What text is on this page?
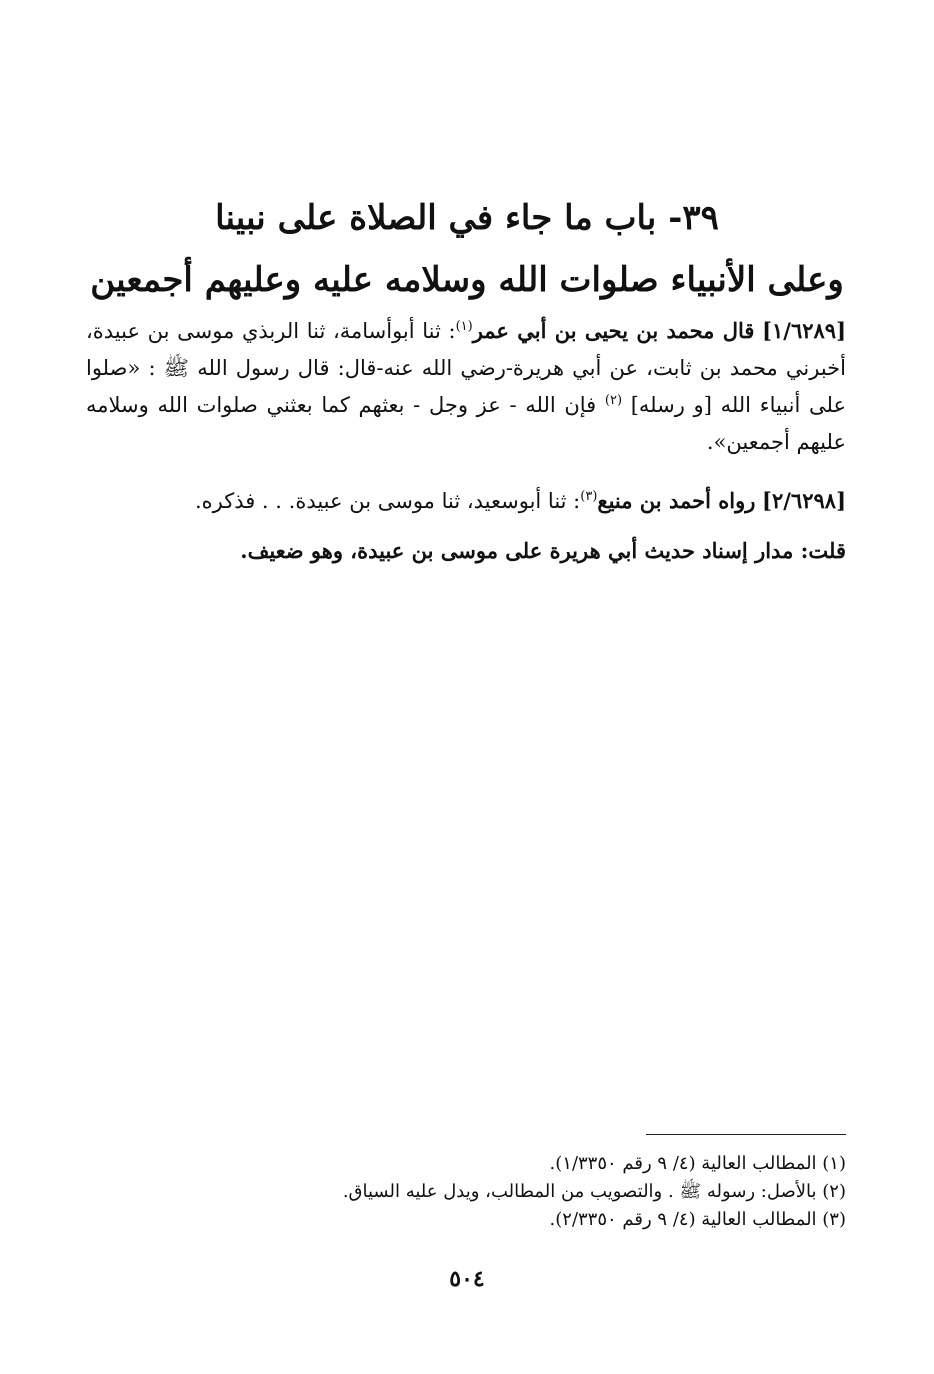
٣٩- باب ما جاء في الصلاة على نبينا
وعلى الأنبياء صلوات الله وسلامه عليه وعليهم أجمعين

[١/٦٢٨٩] قال محمد بن يحيى بن أبي عمر$^{(١)}$: ثنا أبوأسامة، ثنا الربذي موسى بن عبيدة، أخبرني محمد بن ثابت، عن أبي هريرة-رضي الله عنه-قال: قال رسول الله ﷺ : «صلوا على أنبياء الله [و رسله] $^{(٢)}$ فإن الله - عز وجل - بعثهم كما بعثني صلوات الله وسلامه عليهم أجمعين».

[٢/٦٢٩٨] رواه أحمد بن منيع$^{(٣)}$: ثنا أبوسعيد، ثنا موسى بن عبيدة. . . فذكره.

قلت: مدار إسناد حديث أبي هريرة على موسى بن عبيدة، وهو ضعيف.

(١) المطالب العالية (٤/ ٩ رقم ١/٣٣٥٠).
(٢) بالأصل: رسوله ﷺ . والتصويب من المطالب، ويدل عليه السياق.
(٣) المطالب العالية (٤/ ٩ رقم ٢/٣٣٥٠).
٥٠٤
